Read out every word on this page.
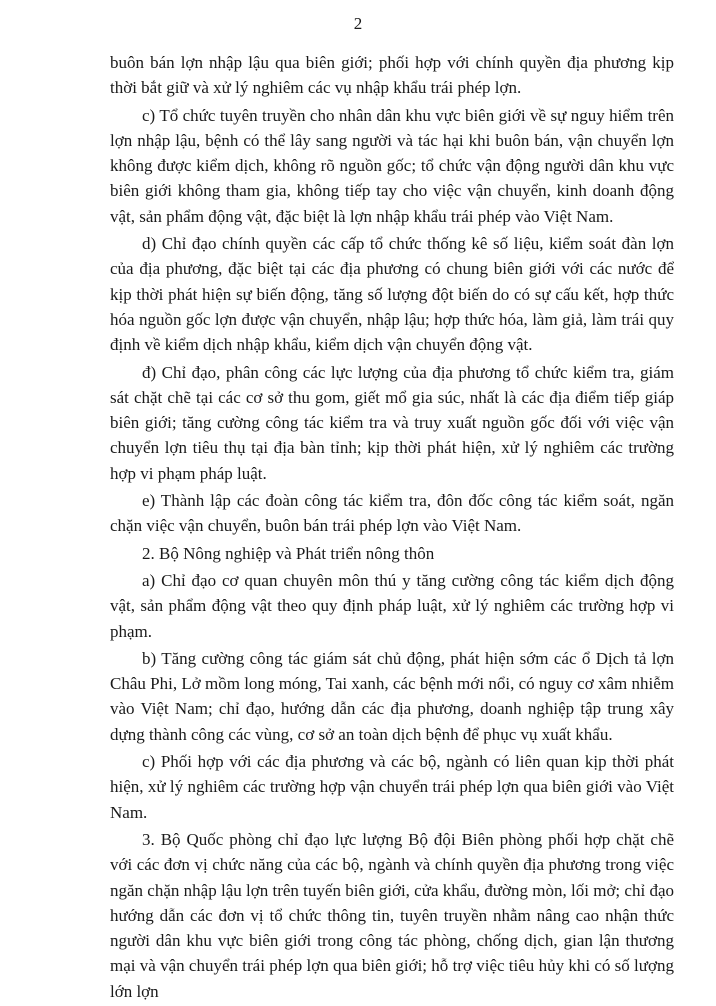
2

buôn bán lợn nhập lậu qua biên giới; phối hợp với chính quyền địa phương kịp thời bắt giữ và xử lý nghiêm các vụ nhập khẩu trái phép lợn.

c) Tổ chức tuyên truyền cho nhân dân khu vực biên giới về sự nguy hiểm trên lợn nhập lậu, bệnh có thể lây sang người và tác hại khi buôn bán, vận chuyển lợn không được kiểm dịch, không rõ nguồn gốc; tổ chức vận động người dân khu vực biên giới không tham gia, không tiếp tay cho việc vận chuyển, kinh doanh động vật, sản phẩm động vật, đặc biệt là lợn nhập khẩu trái phép vào Việt Nam.

d) Chỉ đạo chính quyền các cấp tổ chức thống kê số liệu, kiểm soát đàn lợn của địa phương, đặc biệt tại các địa phương có chung biên giới với các nước để kịp thời phát hiện sự biến động, tăng số lượng đột biến do có sự cấu kết, hợp thức hóa nguồn gốc lợn được vận chuyển, nhập lậu; hợp thức hóa, làm giả, làm trái quy định về kiểm dịch nhập khẩu, kiểm dịch vận chuyển động vật.

đ) Chỉ đạo, phân công các lực lượng của địa phương tổ chức kiểm tra, giám sát chặt chẽ tại các cơ sở thu gom, giết mổ gia súc, nhất là các địa điểm tiếp giáp biên giới; tăng cường công tác kiểm tra và truy xuất nguồn gốc đối với việc vận chuyển lợn tiêu thụ tại địa bàn tỉnh; kịp thời phát hiện, xử lý nghiêm các trường hợp vi phạm pháp luật.

e) Thành lập các đoàn công tác kiểm tra, đôn đốc công tác kiểm soát, ngăn chặn việc vận chuyển, buôn bán trái phép lợn vào Việt Nam.

2. Bộ Nông nghiệp và Phát triển nông thôn

a) Chỉ đạo cơ quan chuyên môn thú y tăng cường công tác kiểm dịch động vật, sản phẩm động vật theo quy định pháp luật, xử lý nghiêm các trường hợp vi phạm.

b) Tăng cường công tác giám sát chủ động, phát hiện sớm các ổ Dịch tả lợn Châu Phi, Lở mồm long móng, Tai xanh, các bệnh mới nổi, có nguy cơ xâm nhiễm vào Việt Nam; chỉ đạo, hướng dẫn các địa phương, doanh nghiệp tập trung xây dựng thành công các vùng, cơ sở an toàn dịch bệnh để phục vụ xuất khẩu.

c) Phối hợp với các địa phương và các bộ, ngành có liên quan kịp thời phát hiện, xử lý nghiêm các trường hợp vận chuyển trái phép lợn qua biên giới vào Việt Nam.

3. Bộ Quốc phòng chỉ đạo lực lượng Bộ đội Biên phòng phối hợp chặt chẽ với các đơn vị chức năng của các bộ, ngành và chính quyền địa phương trong việc ngăn chặn nhập lậu lợn trên tuyến biên giới, cửa khẩu, đường mòn, lối mở; chỉ đạo hướng dẫn các đơn vị tổ chức thông tin, tuyên truyền nhằm nâng cao nhận thức người dân khu vực biên giới trong công tác phòng, chống dịch, gian lận thương mại và vận chuyển trái phép lợn qua biên giới; hỗ trợ việc tiêu hủy khi có số lượng lớn lợn
